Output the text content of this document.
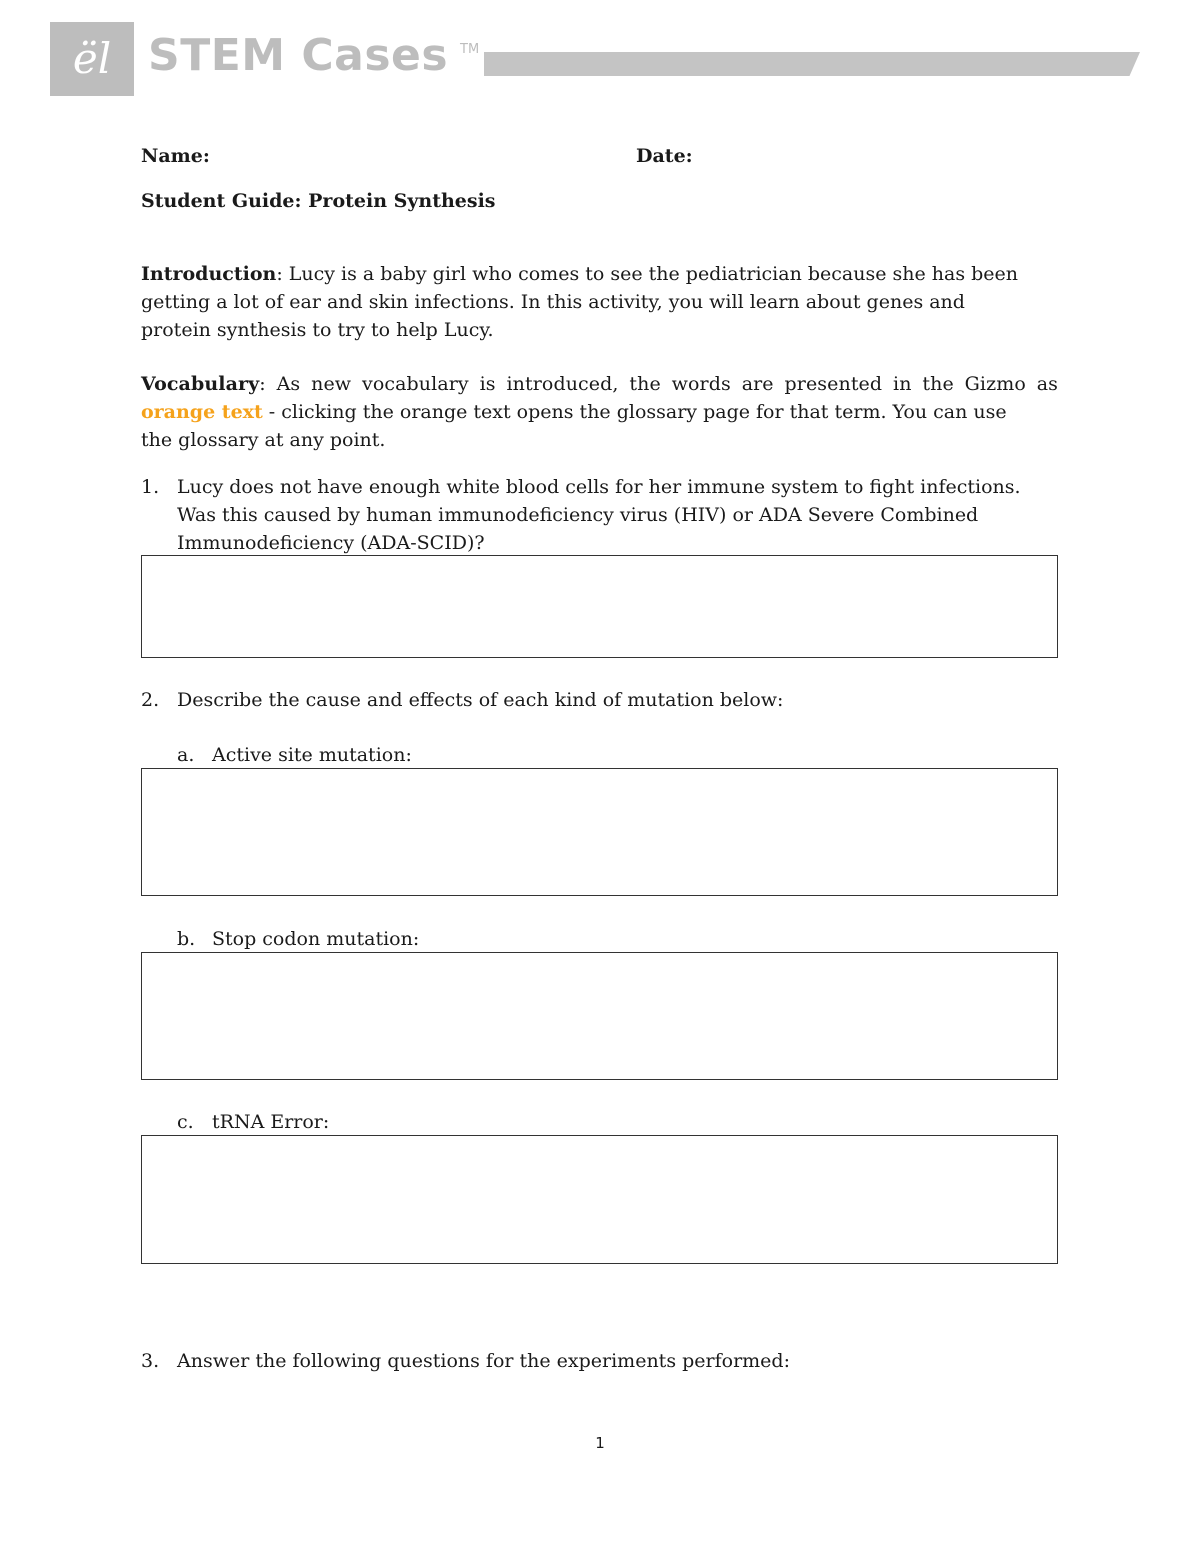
ël STEM Cases TM
Name:	Date:
Student Guide: Protein Synthesis
Introduction: Lucy is a baby girl who comes to see the pediatrician because she has been
getting a lot of ear and skin infections. In this activity, you will learn about genes and
protein synthesis to try to help Lucy.
Vocabulary: As new vocabulary is introduced, the words are presented in the Gizmo as
orange text - clicking the orange text opens the glossary page for that term. You can use
the glossary at any point.
1. Lucy does not have enough white blood cells for her immune system to fight infections.
Was this caused by human immunodeficiency virus (HIV) or ADA Severe Combined
Immunodeficiency (ADA-SCID)?
2. Describe the cause and effects of each kind of mutation below:
a. Active site mutation:
b. Stop codon mutation:
c. tRNA Error:
3. Answer the following questions for the experiments performed:
1
